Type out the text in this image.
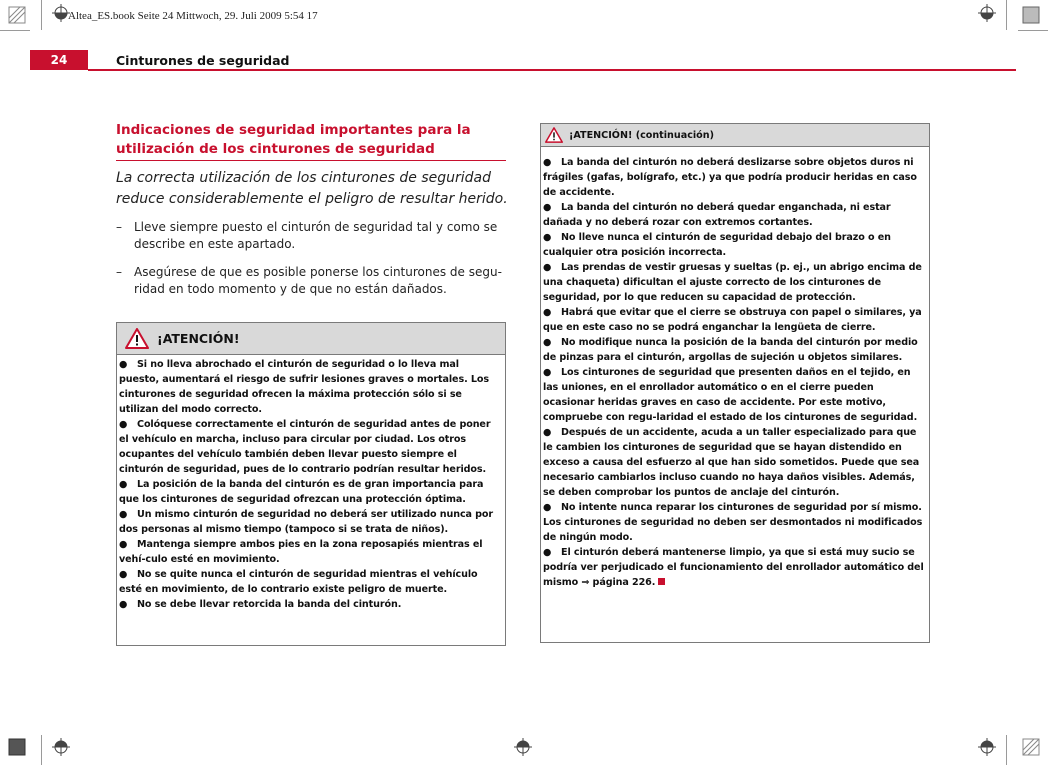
Altea_ES.book Seite 24 Mittwoch, 29. Juli 2009 5:54 17
24	Cinturones de seguridad
Indicaciones de seguridad importantes para la utilización de los cinturones de seguridad
La correcta utilización de los cinturones de seguridad reduce considerablemente el peligro de resultar herido.
–	Lleve siempre puesto el cinturón de seguridad tal y como se describe en este apartado.
–	Asegúrese de que es posible ponerse los cinturones de segu-ridad en todo momento y de que no están dañados.
¡ATENCIÓN!

● Si no lleva abrochado el cinturón de seguridad o lo lleva mal puesto, aumentará el riesgo de sufrir lesiones graves o mortales. Los cinturones de seguridad ofrecen la máxima protección sólo si se utilizan del modo correcto.

● Colóquese correctamente el cinturón de seguridad antes de poner el vehículo en marcha, incluso para circular por ciudad. Los otros ocupantes del vehículo también deben llevar puesto siempre el cinturón de seguridad, pues de lo contrario podrían resultar heridos.

● La posición de la banda del cinturón es de gran importancia para que los cinturones de seguridad ofrezcan una protección óptima.

● Un mismo cinturón de seguridad no deberá ser utilizado nunca por dos personas al mismo tiempo (tampoco si se trata de niños).

● Mantenga siempre ambos pies en la zona reposapiés mientras el vehí-culo esté en movimiento.

● No se quite nunca el cinturón de seguridad mientras el vehículo esté en movimiento, de lo contrario existe peligro de muerte.

● No se debe llevar retorcida la banda del cinturón.

¡ATENCIÓN! (continuación)

● La banda del cinturón no deberá deslizarse sobre objetos duros ni frágiles (gafas, bolígrafo, etc.) ya que podría producir heridas en caso de accidente.

● La banda del cinturón no deberá quedar enganchada, ni estar dañada y no deberá rozar con extremos cortantes.

● No lleve nunca el cinturón de seguridad debajo del brazo o en cualquier otra posición incorrecta.

● Las prendas de vestir gruesas y sueltas (p. ej., un abrigo encima de una chaqueta) dificultan el ajuste correcto de los cinturones de seguridad, por lo que reducen su capacidad de protección.

● Habrá que evitar que el cierre se obstruya con papel o similares, ya que en este caso no se podrá enganchar la lengüeta de cierre.

● No modifique nunca la posición de la banda del cinturón por medio de pinzas para el cinturón, argollas de sujeción u objetos similares.

● Los cinturones de seguridad que presenten daños en el tejido, en las uniones, en el enrollador automático o en el cierre pueden ocasionar heridas graves en caso de accidente. Por este motivo, compruebe con regu-laridad el estado de los cinturones de seguridad.

● Después de un accidente, acuda a un taller especializado para que le cambien los cinturones de seguridad que se hayan distendido en exceso a causa del esfuerzo al que han sido sometidos. Puede que sea necesario cambiarlos incluso cuando no haya daños visibles. Además, se deben comprobar los puntos de anclaje del cinturón.

● No intente nunca reparar los cinturones de seguridad por sí mismo. Los cinturones de seguridad no deben ser desmontados ni modificados de ningún modo.

● El cinturón deberá mantenerse limpio, ya que si está muy sucio se podría ver perjudicado el funcionamiento del enrollador automático del mismo ⇒ página 226.
